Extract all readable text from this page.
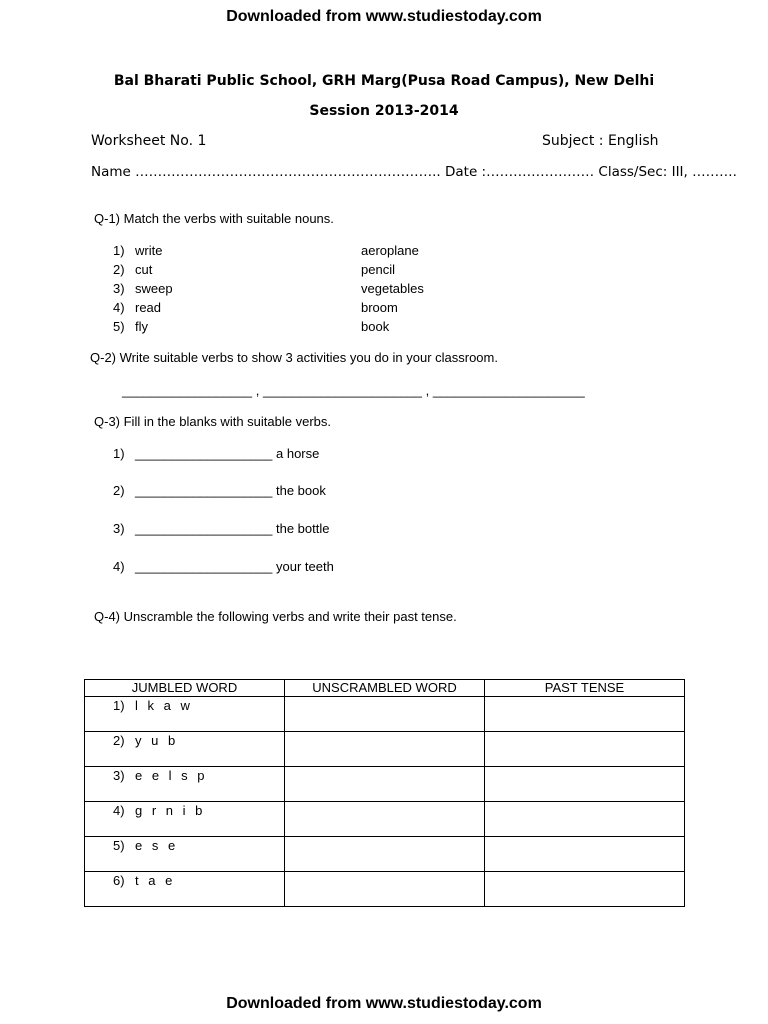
Downloaded from www.studiestoday.com
Bal Bharati Public School, GRH Marg(Pusa Road Campus), New Delhi
Session 2013-2014
Worksheet No. 1	Subject : English
Name ………………………………………………………….. Date :…………………… Class/Sec: III, ……….
Q-1) Match the verbs with suitable nouns.
1) write	aeroplane
2) cut	pencil
3) sweep	vegetables
4) read	broom
5) fly	book
Q-2) Write suitable verbs to show 3 activities you do in your classroom.
__________________ , ______________________ , _____________________
Q-3) Fill in the blanks with suitable verbs.
1) ___________________ a horse
2) ___________________ the book
3) ___________________ the bottle
4) ___________________ your teeth
Q-4) Unscramble the following verbs and write their past tense.
JUMBLED WORD	UNSCRAMBLED WORD	PAST TENSE
1) l k a w		
2) y u b		
3) e e l s p		
4) g r n i b		
5) e s e		
6) t a e		
Downloaded from www.studiestoday.com
